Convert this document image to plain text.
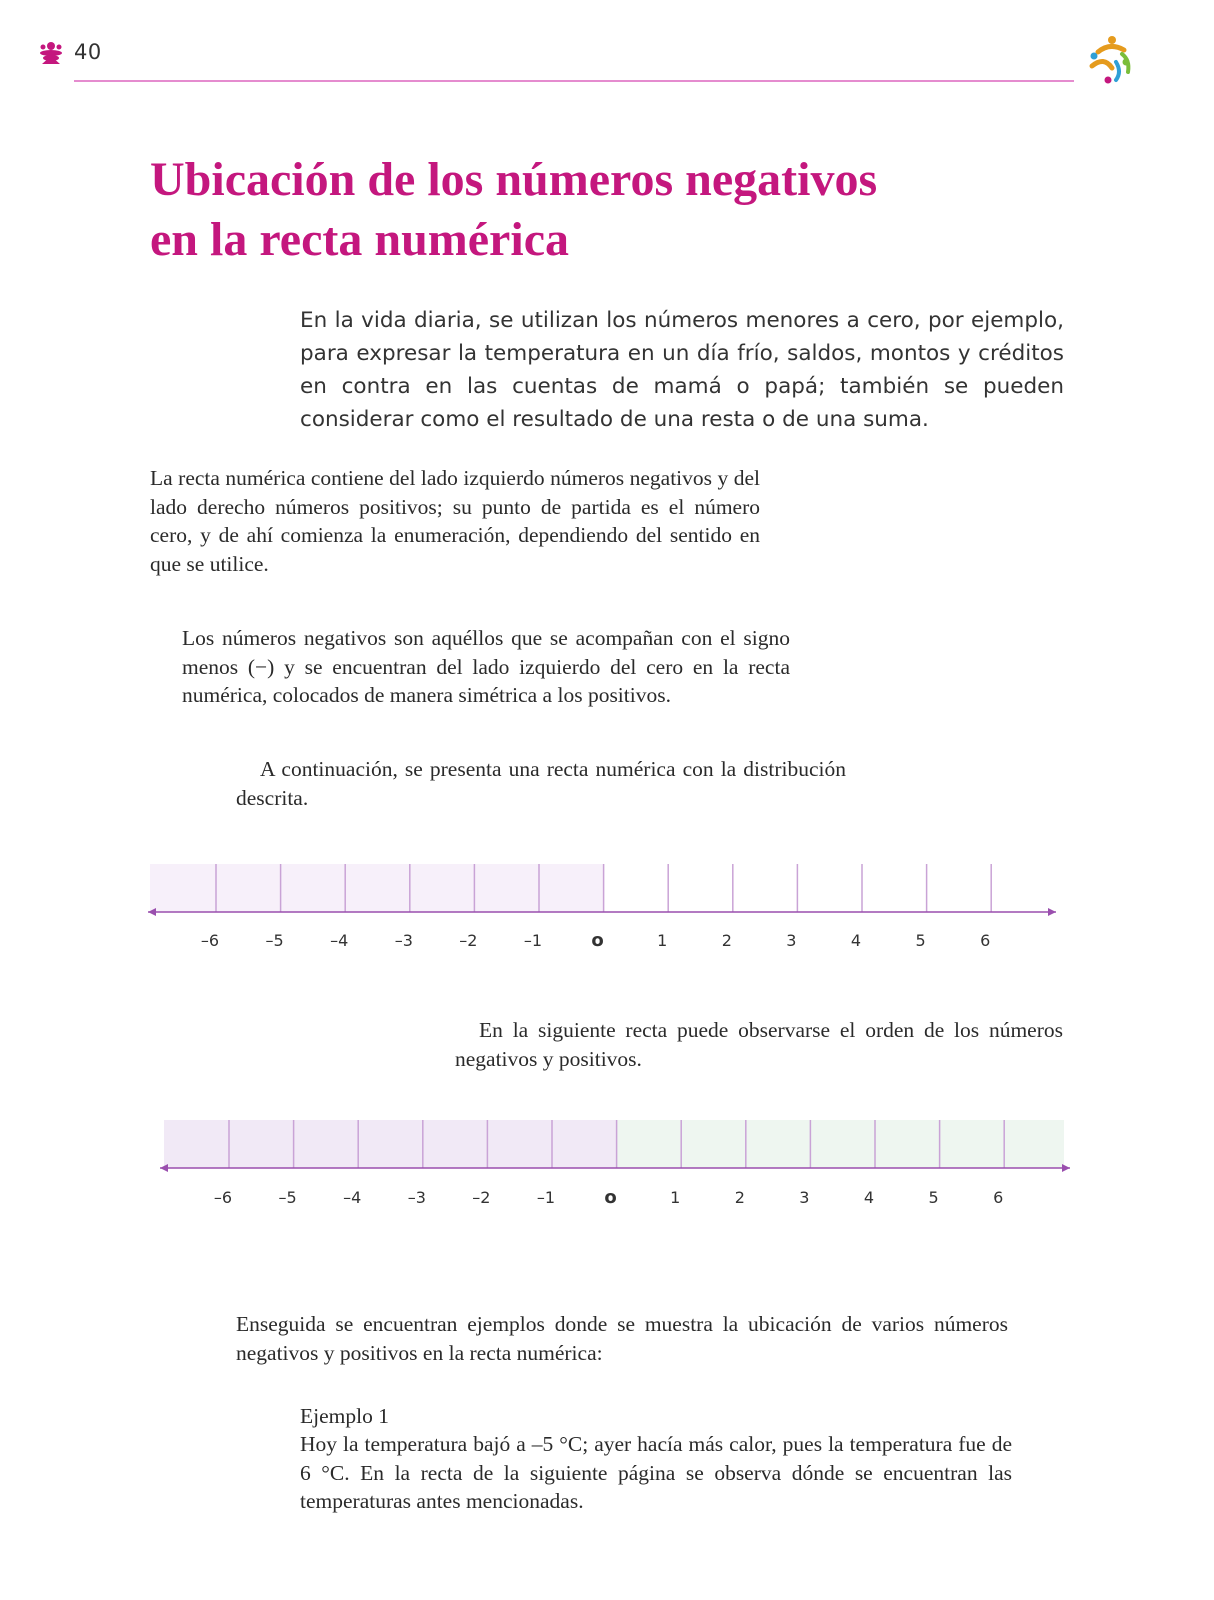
40
Ubicación de los números negativos en la recta numérica

En la vida diaria, se utilizan los números menores a cero, por ejemplo, para expresar la temperatura en un día frío, saldos, montos y créditos en contra en las cuentas de mamá o papá; también se pueden considerar como el resultado de una resta o de una suma.

La recta numérica contiene del lado izquierdo números negativos y del lado derecho números positivos; su punto de partida es el número cero, y de ahí comienza la enumeración, dependiendo del sentido en que se utilice.

Los números negativos son aquéllos que se acompañan con el signo menos (−) y se encuentran del lado izquierdo del cero en la recta numérica, colocados de manera simétrica a los positivos.

A continuación, se presenta una recta numérica con la distribución descrita.

–6	–5	–4	–3	–2	–1	o	1	2	3	4	5	6

En la siguiente recta puede observarse el orden de los números negativos y positivos.

–6	–5	–4	–3	–2	–1	o	1	2	3	4	5	6

Enseguida se encuentran ejemplos donde se muestra la ubicación de varios números negativos y positivos en la recta numérica:

Ejemplo 1

Hoy la temperatura bajó a –5 °C; ayer hacía más calor, pues la temperatura fue de 6 °C. En la recta de la siguiente página se observa dónde se encuentran las temperaturas antes mencionadas.
